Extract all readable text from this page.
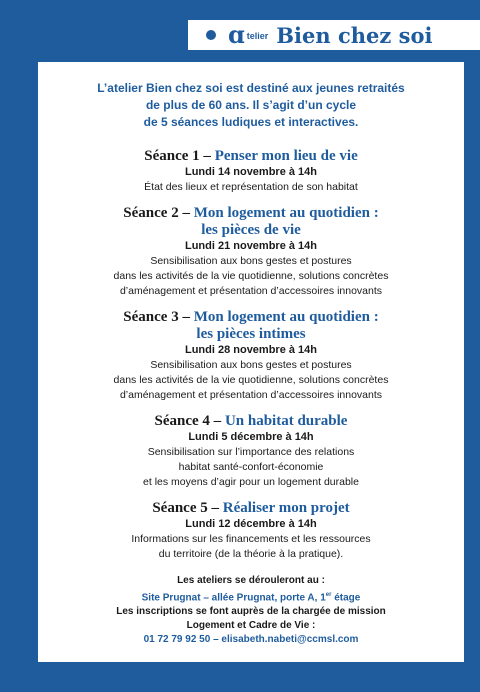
ɑ telier Bien chez soi
L’atelier Bien chez soi est destiné aux jeunes retraités
de plus de 60 ans. Il s’agit d’un cycle
de 5 séances ludiques et interactives.
Séance 1 – Penser mon lieu de vie
Lundi 14 novembre à 14h
État des lieux et représentation de son habitat
Séance 2 – Mon logement au quotidien :
les pièces de vie
Lundi 21 novembre à 14h
Sensibilisation aux bons gestes et postures
dans les activités de la vie quotidienne, solutions concrètes
d’aménagement et présentation d’accessoires innovants
Séance 3 – Mon logement au quotidien :
les pièces intimes
Lundi 28 novembre à 14h
Sensibilisation aux bons gestes et postures
dans les activités de la vie quotidienne, solutions concrètes
d’aménagement et présentation d’accessoires innovants
Séance 4 – Un habitat durable
Lundi 5 décembre à 14h
Sensibilisation sur l’importance des relations
habitat santé-confort-économie
et les moyens d’agir pour un logement durable
Séance 5 – Réaliser mon projet
Lundi 12 décembre à 14h
Informations sur les financements et les ressources
du territoire (de la théorie à la pratique).
Les ateliers se dérouleront au :
Site Prugnat – allée Prugnat, porte A, 1er étage
Les inscriptions se font auprès de la chargée de mission
Logement et Cadre de Vie :
01 72 79 92 50 – elisabeth.nabeti@ccmsl.com
